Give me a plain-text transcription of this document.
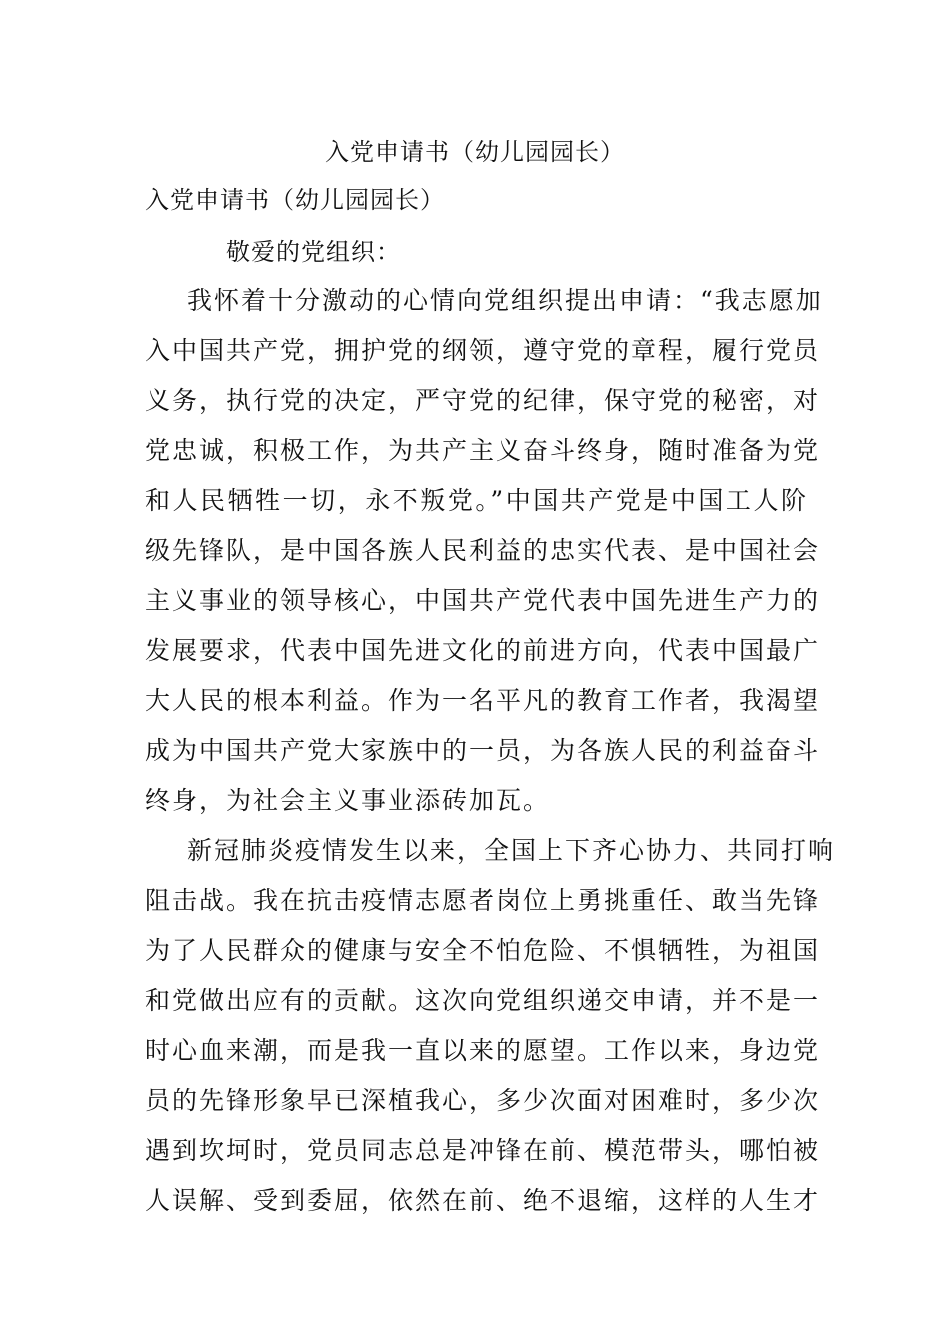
入党申请书（幼儿园园长）
入党申请书（幼儿园园长）
敬爱的党组织：
我怀着十分激动的心情向党组织提出申请：“我志愿加
入中国共产党，拥护党的纲领，遵守党的章程，履行党员
义务，执行党的决定，严守党的纪律，保守党的秘密，对
党忠诚，积极工作，为共产主义奋斗终身，随时准备为党
和人民牺牲一切，永不叛党。”中国共产党是中国工人阶
级先锋队，是中国各族人民利益的忠实代表、是中国社会
主义事业的领导核心，中国共产党代表中国先进生产力的
发展要求，代表中国先进文化的前进方向，代表中国最广
大人民的根本利益。作为一名平凡的教育工作者，我渴望
成为中国共产党大家族中的一员，为各族人民的利益奋斗
终身，为社会主义事业添砖加瓦。
新冠肺炎疫情发生以来，全国上下齐心协力、共同打响
阻击战。我在抗击疫情志愿者岗位上勇挑重任、敢当先锋
为了人民群众的健康与安全不怕危险、不惧牺牲，为祖国
和党做出应有的贡献。这次向党组织递交申请，并不是一
时心血来潮，而是我一直以来的愿望。工作以来，身边党
员的先锋形象早已深植我心，多少次面对困难时，多少次
遇到坎坷时，党员同志总是冲锋在前、模范带头，哪怕被
人误解、受到委屈，依然在前、绝不退缩，这样的人生才
